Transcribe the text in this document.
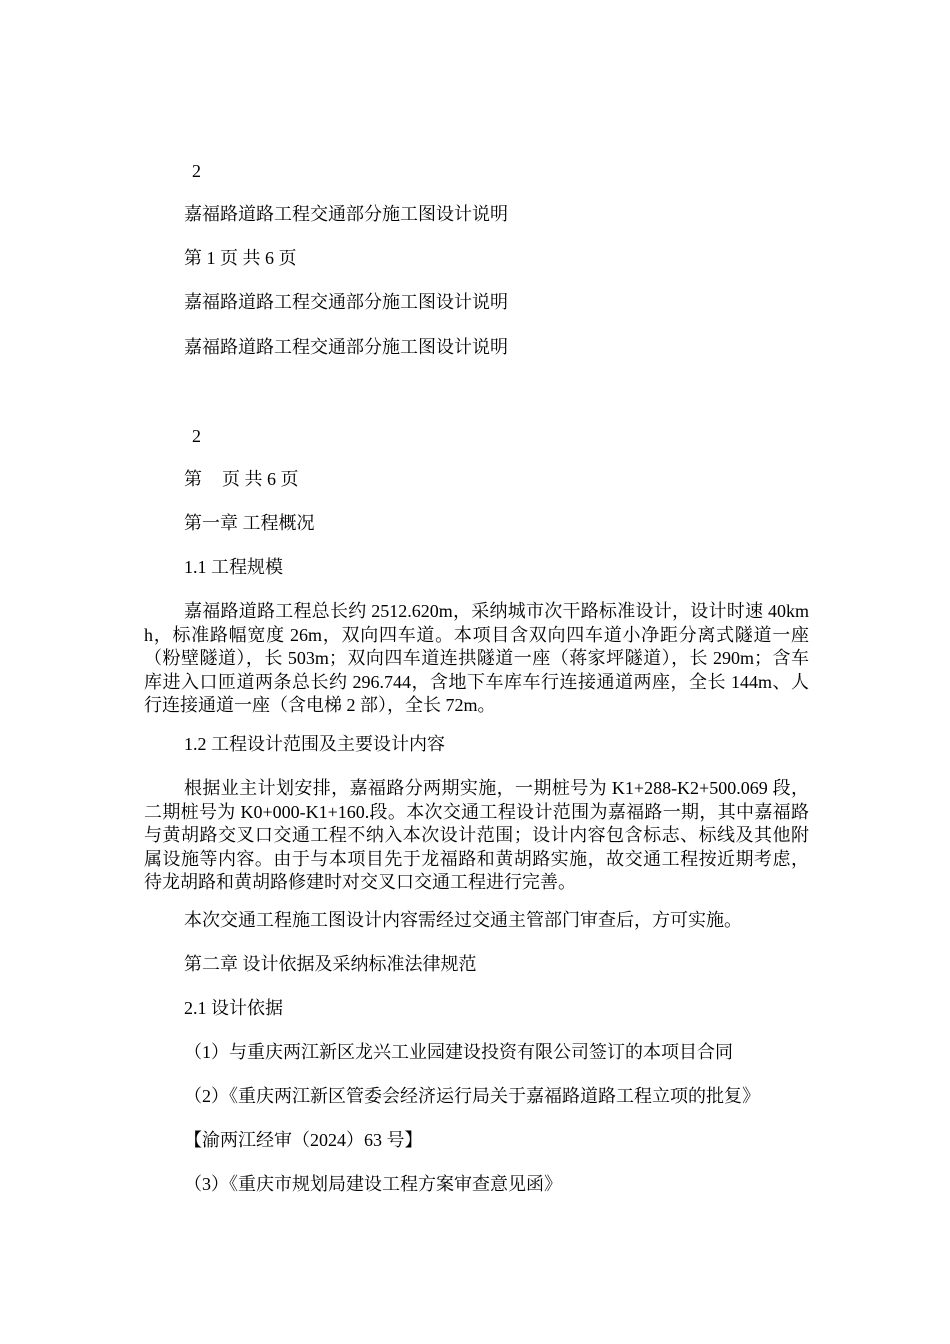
2
嘉福路道路工程交通部分施工图设计说明
第 1 页 共 6 页
嘉福路道路工程交通部分施工图设计说明
嘉福路道路工程交通部分施工图设计说明
2
第 页 共 6 页
第一章 工程概况
1.1 工程规模
嘉福路道路工程总长约 2512.620m，采纳城市次干路标准设计，设计时速 40km h，标准路幅宽度 26m，双向四车道。本项目含双向四车道小净距分离式隧道一座（粉壁隧道），长 503m；双向四车道连拱隧道一座（蒋家坪隧道），长 290m；含车库进入口匝道两条总长约 296.744，含地下车库车行连接通道两座，全长 144m、人行连接通道一座（含电梯 2 部），全长 72m。
1.2 工程设计范围及主要设计内容
根据业主计划安排，嘉福路分两期实施，一期桩号为 K1+288-K2+500.069 段，二期桩号为 K0+000-K1+160.段。本次交通工程设计范围为嘉福路一期，其中嘉福路与黄胡路交叉口交通工程不纳入本次设计范围；设计内容包含标志、标线及其他附属设施等内容。由于与本项目先于龙福路和黄胡路实施，故交通工程按近期考虑，待龙胡路和黄胡路修建时对交叉口交通工程进行完善。
本次交通工程施工图设计内容需经过交通主管部门审查后，方可实施。
第二章 设计依据及采纳标准法律规范
2.1 设计依据
（1）与重庆两江新区龙兴工业园建设投资有限公司签订的本项目合同
（2）《重庆两江新区管委会经济运行局关于嘉福路道路工程立项的批复》
【渝两江经审（2024）63 号】
（3）《重庆市规划局建设工程方案审查意见函》
